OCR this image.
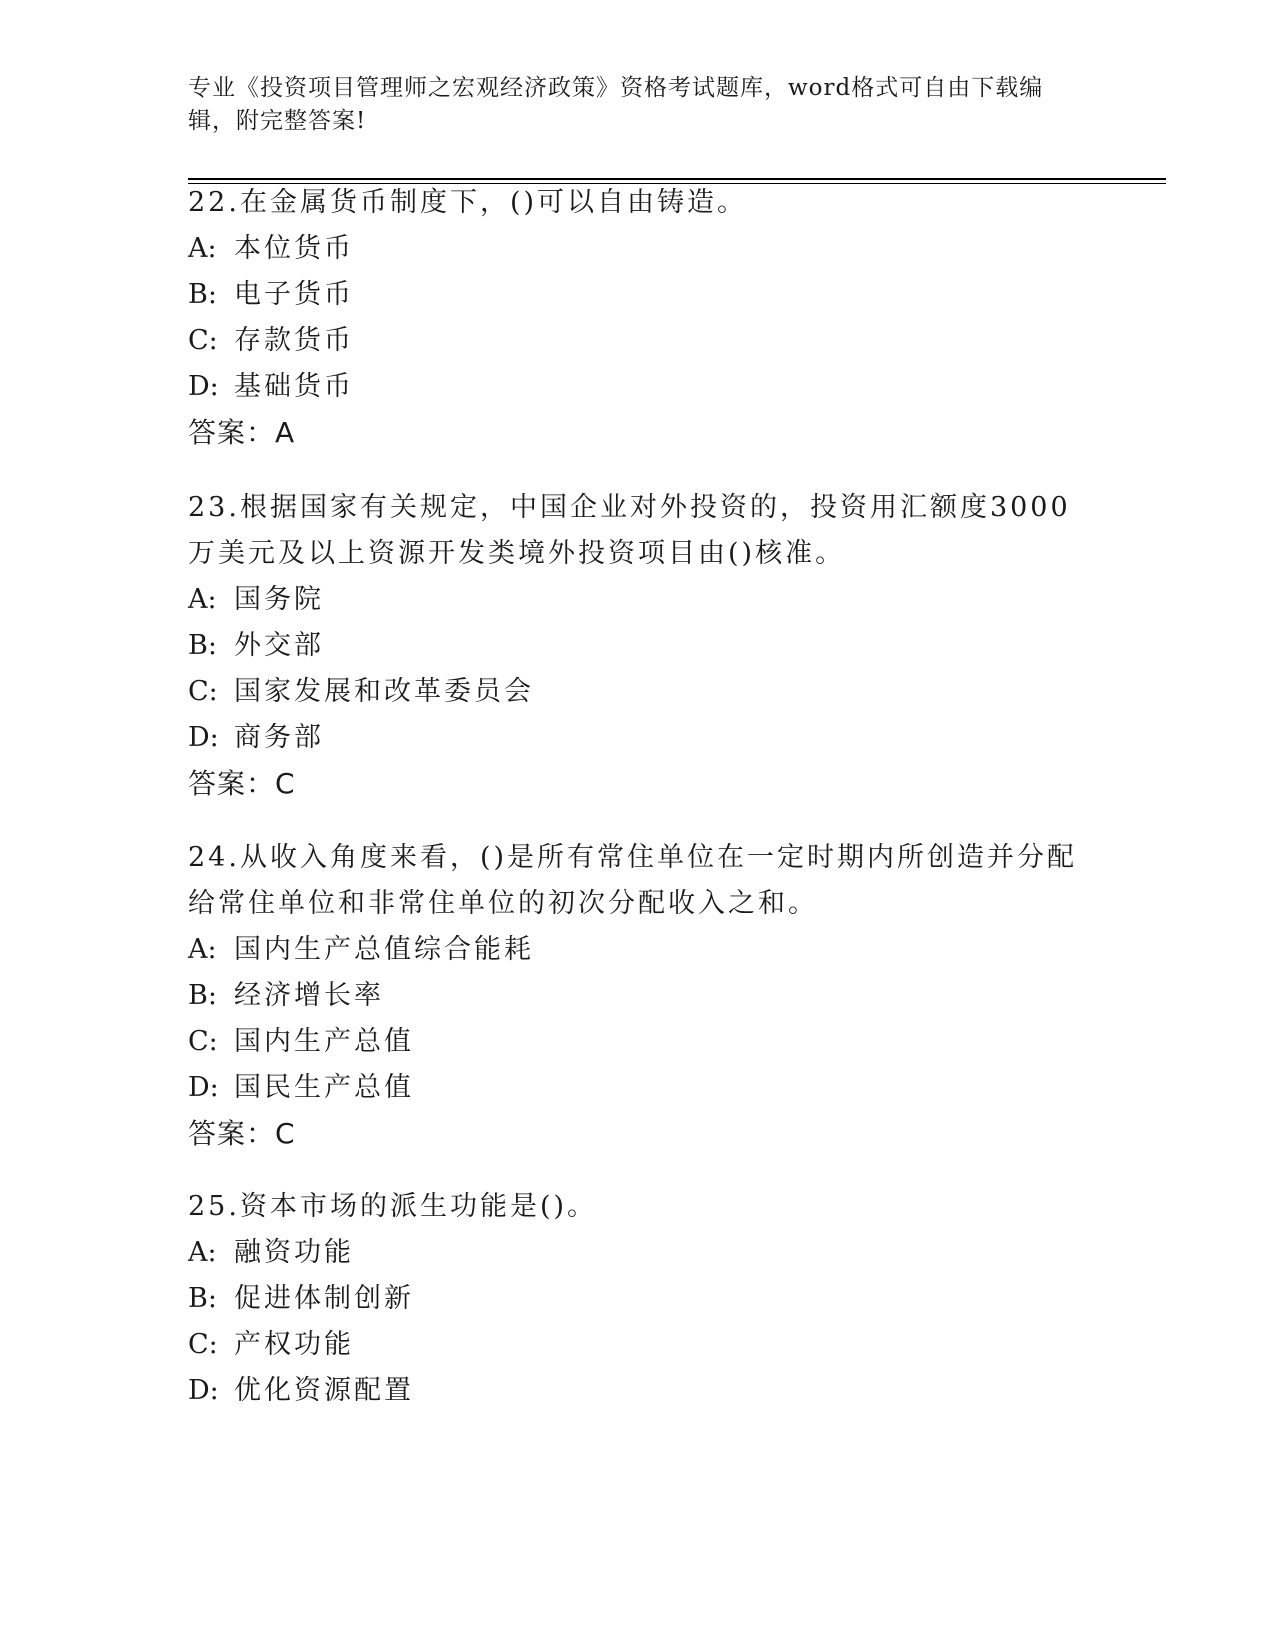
专业《投资项目管理师之宏观经济政策》资格考试题库，word格式可自由下载编辑，附完整答案!

22.在金属货币制度下，()可以自由铸造。

A: 本位货币

B: 电子货币

C: 存款货币

D: 基础货币

答案：A

23.根据国家有关规定，中国企业对外投资的，投资用汇额度3000万美元及以上资源开发类境外投资项目由()核准。

A: 国务院

B: 外交部

C: 国家发展和改革委员会

D: 商务部

答案：C

24.从收入角度来看，()是所有常住单位在一定时期内所创造并分配给常住单位和非常住单位的初次分配收入之和。

A: 国内生产总值综合能耗

B: 经济增长率

C: 国内生产总值

D: 国民生产总值

答案：C

25.资本市场的派生功能是()。

A: 融资功能

B: 促进体制创新

C: 产权功能

D: 优化资源配置
